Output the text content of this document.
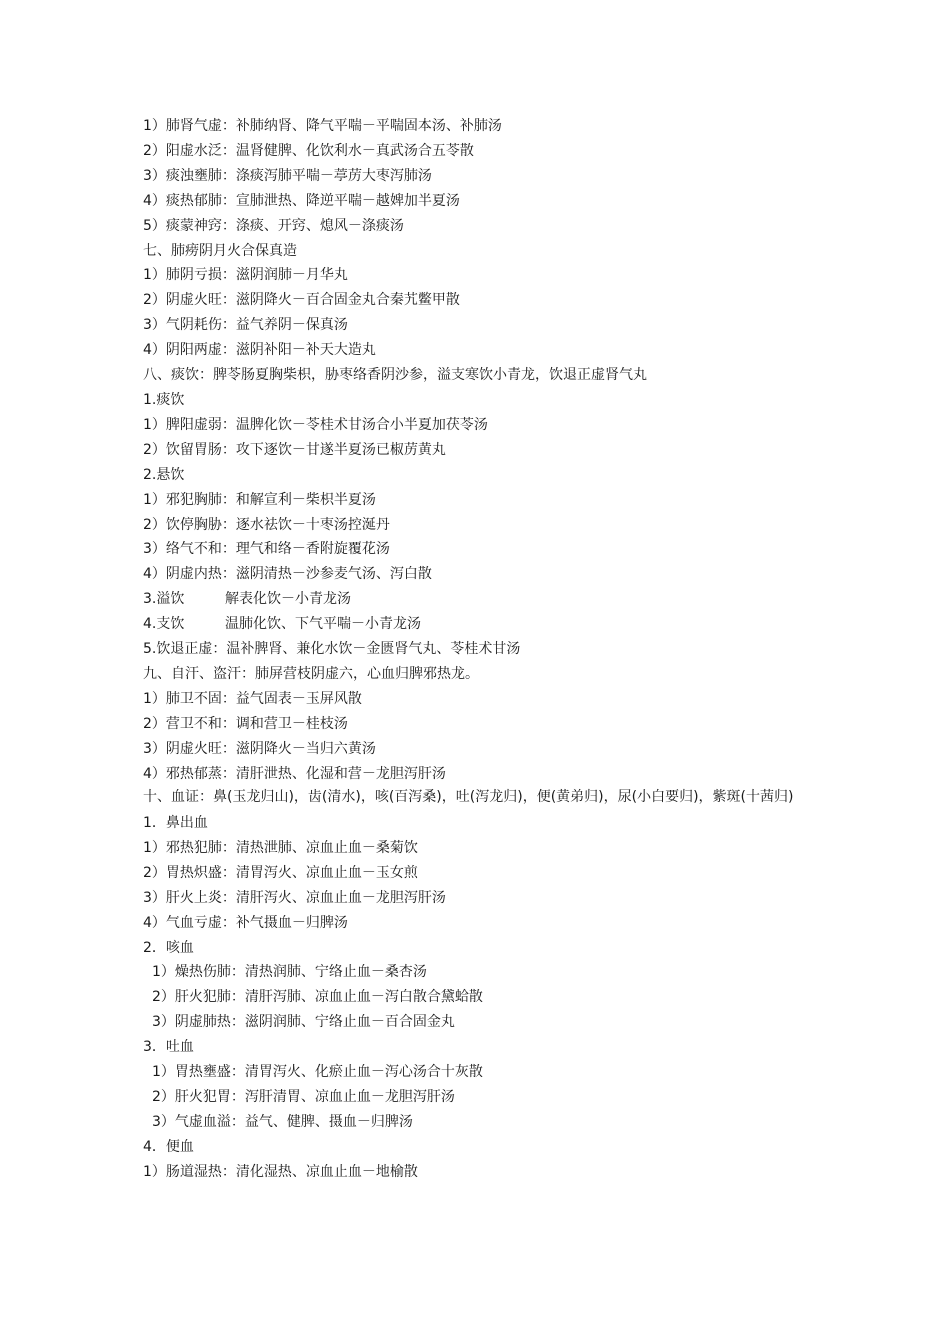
1）肺肾气虚：补肺纳肾、降气平喘－平喘固本汤、补肺汤
2）阳虚水泛：温肾健脾、化饮利水－真武汤合五苓散
3）痰浊壅肺：涤痰泻肺平喘－葶苈大枣泻肺汤
4）痰热郁肺：宣肺泄热、降逆平喘－越婢加半夏汤
5）痰蒙神窍：涤痰、开窍、熄风－涤痰汤
七、肺痨阴月火合保真造
1）肺阴亏损：滋阴润肺－月华丸
2）阴虚火旺：滋阴降火－百合固金丸合秦艽鳖甲散
3）气阴耗伤：益气养阴－保真汤
4）阴阳两虚：滋阴补阳－补天大造丸
八、痰饮：脾苓肠夏胸柴枳，胁枣络香阴沙参，溢支寒饮小青龙，饮退正虚肾气丸
1.痰饮
1）脾阳虚弱：温脾化饮－苓桂术甘汤合小半夏加茯苓汤
2）饮留胃肠：攻下逐饮－甘遂半夏汤已椒苈黄丸
2.悬饮
1）邪犯胸肺：和解宣利－柴枳半夏汤
2）饮停胸胁：逐水祛饮－十枣汤控涎丹
3）络气不和：理气和络－香附旋覆花汤
4）阴虚内热：滋阴清热－沙参麦气汤、泻白散
3.溢饮	解表化饮－小青龙汤
4.支饮	温肺化饮、下气平喘－小青龙汤
5.饮退正虚：温补脾肾、兼化水饮－金匮肾气丸、苓桂术甘汤
九、自汗、盗汗：肺屏营枝阴虚六，心血归脾邪热龙。
1）肺卫不固：益气固表－玉屏风散
2）营卫不和：调和营卫－桂枝汤
3）阴虚火旺：滋阴降火－当归六黄汤
4）邪热郁蒸：清肝泄热、化湿和营－龙胆泻肝汤
十、血证：鼻(玉龙归山)，齿(清水)，咳(百泻桑)，吐(泻龙归)，便(黄弟归)，尿(小白要归)，紫斑(十茜归)
1．鼻出血
1）邪热犯肺：清热泄肺、凉血止血－桑菊饮
2）胃热炽盛：清胃泻火、凉血止血－玉女煎
3）肝火上炎：清肝泻火、凉血止血－龙胆泻肝汤
4）气血亏虚：补气摄血－归脾汤
2．咳血
1）燥热伤肺：清热润肺、宁络止血－桑杏汤
2）肝火犯肺：清肝泻肺、凉血止血－泻白散合黛蛤散
3）阴虚肺热：滋阴润肺、宁络止血－百合固金丸
3．吐血
1）胃热壅盛：清胃泻火、化瘀止血－泻心汤合十灰散
2）肝火犯胃：泻肝清胃、凉血止血－龙胆泻肝汤
3）气虚血溢：益气、健脾、摄血－归脾汤
4．便血
1）肠道湿热：清化湿热、凉血止血－地榆散
